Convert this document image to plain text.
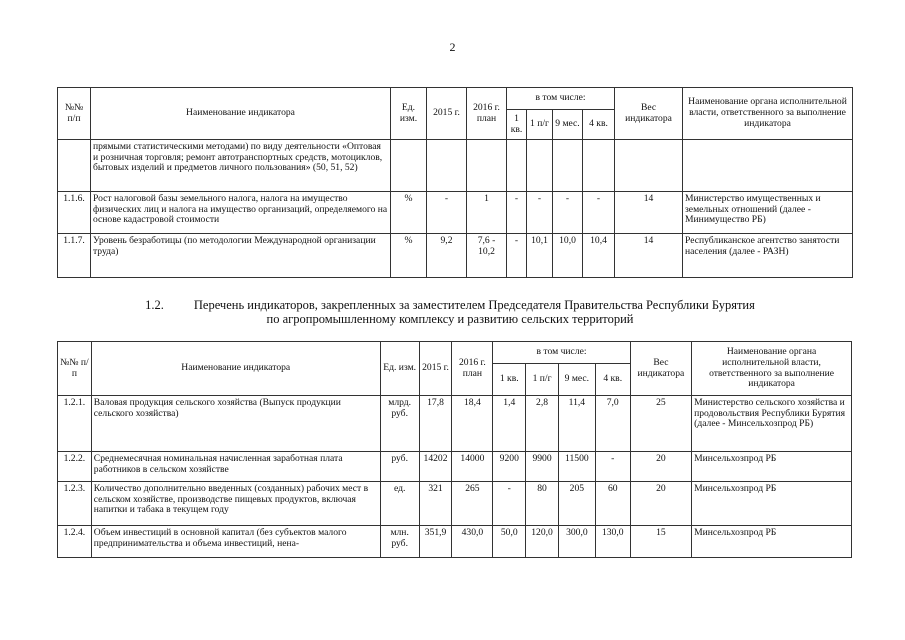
2
№№ п/п	Наименование индикатора	Ед. изм.	2015 г.	2016 г. план	в том числе:				Вес индикатора	Наименование органа исполнительной власти, ответственного за выполнение индикатора
					1 кв.	1 п/г	9 мес.	4 кв.		
	прямыми статистическими методами) по виду деятельности «Оптовая и розничная торговля; ремонт автотранспортных средств, мотоциклов, бытовых изделий и предметов личного пользования» (50, 51, 52)									
1.1.6.	Рост налоговой базы земельного налога, налога на имущество физических лиц и налога на имущество организаций, определяемого на основе кадастровой стоимости	%	-	1	-	-	-	-	14	Министерство имущественных и земельных отношений (далее - Минимущество РБ)
1.1.7.	Уровень безработицы (по методологии Международной организации труда)	%	9,2	7,6 - 10,2	-	10,1	10,0	10,4	14	Республиканское агентство занятости населения (далее - РАЗН)
1.2. Перечень индикаторов, закрепленных за заместителем Председателя Правительства Республики Бурятия
по агропромышленному комплексу и развитию сельских территорий
№№ п/п	Наименование индикатора	Ед. изм.	2015 г.	2016 г. план	в том числе:				Вес индикатора	Наименование органа исполнительной власти, ответственного за выполнение индикатора
					1 кв.	1 п/г	9 мес.	4 кв.		
1.2.1.	Валовая продукция сельского хозяйства (Выпуск продукции сельского хозяйства)	млрд. руб.	17,8	18,4	1,4	2,8	11,4	7,0	25	Министерство сельского хозяйства и продовольствия Республики Бурятия (далее - Минсельхозпрод РБ)
1.2.2.	Среднемесячная номинальная начисленная заработная плата работников в сельском хозяйстве	руб.	14202	14000	9200	9900	11500	-	20	Минсельхозпрод РБ
1.2.3.	Количество дополнительно введенных (созданных) рабочих мест в сельском хозяйстве, производстве пищевых продуктов, включая напитки и табака в текущем году	ед.	321	265	-	80	205	60	20	Минсельхозпрод РБ
1.2.4.	Объем инвестиций в основной капитал (без субъектов малого предпринимательства и объема инвестиций, нена-	млн. руб.	351,9	430,0	50,0	120,0	300,0	130,0	15	Минсельхозпрод РБ
